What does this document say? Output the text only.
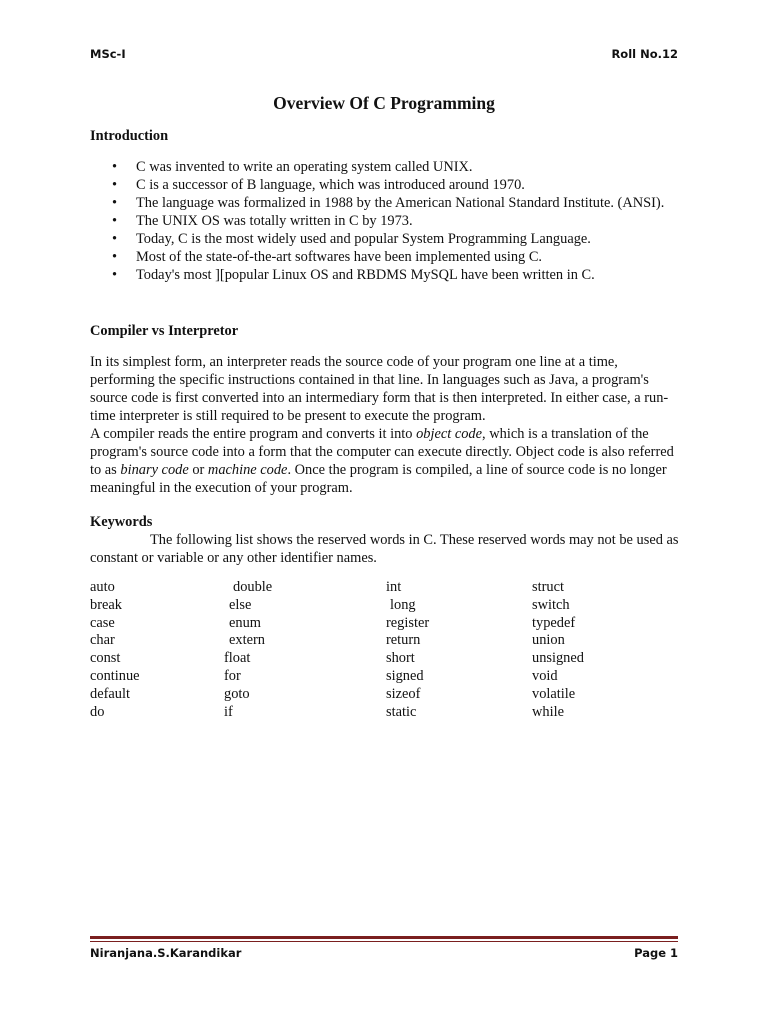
MSc-I	Roll No.12
Overview Of C Programming
Introduction
• C was invented to write an operating system called UNIX.
• C is a successor of B language, which was introduced around 1970.
• The language was formalized in 1988 by the American National Standard Institute. (ANSI).
• The UNIX OS was totally written in C by 1973.
• Today, C is the most widely used and popular System Programming Language.
• Most of the state-of-the-art softwares have been implemented using C.
• Today's most ][popular Linux OS and RBDMS MySQL have been written in C.
Compiler vs Interpretor

In its simplest form, an interpreter reads the source code of your program one line at a time, performing the specific instructions contained in that line. In languages such as Java, a program's source code is first converted into an intermediary form that is then interpreted. In either case, a run-time interpreter is still required to be present to execute the program.

A compiler reads the entire program and converts it into object code, which is a translation of the program's source code into a form that the computer can execute directly. Object code is also referred to as binary code or machine code. Once the program is compiled, a line of source code is no longer meaningful in the execution of your program.

Keywords

The following list shows the reserved words in C. These reserved words may not be used as constant or variable or any other identifier names.

auto	double	int	struct
break	else	long	switch
case	enum	register	typedef
char	extern	return	union
const	float	short	unsigned
continue	for	signed	void
default	goto	sizeof	volatile
do	if	static	while
Niranjana.S.Karandikar	Page 1
